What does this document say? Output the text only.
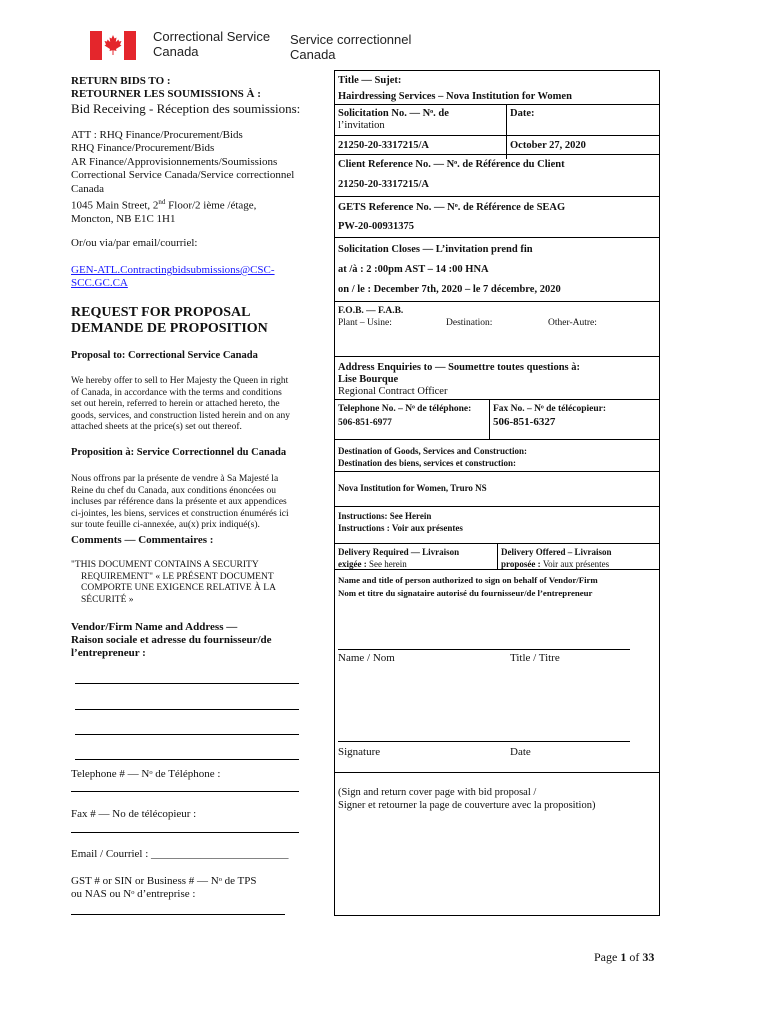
Correctional Service
Canada
Service correctionnel
Canada
RETURN BIDS TO :
RETOURNER LES SOUMISSIONS À :
Bid Receiving - Réception des soumissions:
ATT : RHQ Finance/Procurement/Bids
RHQ Finance/Procurement/Bids
AR Finance/Approvisionnements/Soumissions
Correctional Service Canada/Service correctionnel
Canada
1045 Main Street, 2nd Floor/2 ième /étage,
Moncton, NB E1C 1H1
Or/ou via/par email/courriel:
GEN-ATL.Contractingbidsubmissions@CSC-
SCC.GC.CA
REQUEST FOR PROPOSAL
DEMANDE DE PROPOSITION
Proposal to: Correctional Service Canada
We hereby offer to sell to Her Majesty the Queen in right
of Canada, in accordance with the terms and conditions
set out herein, referred to herein or attached hereto, the
goods, services, and construction listed herein and on any
attached sheets at the price(s) set out thereof.
Proposition à: Service Correctionnel du Canada
Nous offrons par la présente de vendre à Sa Majesté la
Reine du chef du Canada, aux conditions énoncées ou
incluses par référence dans la présente et aux appendices
ci-jointes, les biens, services et construction énumérés ici
sur toute feuille ci-annexée, au(x) prix indiqué(s).
Comments — Commentaires :
"THIS DOCUMENT CONTAINS A SECURITY
REQUIREMENT" « LE PRÉSENT DOCUMENT
COMPORTE UNE EXIGENCE RELATIVE À LA
SÉCURITÉ »
Vendor/Firm Name and Address —
Raison sociale et adresse du fournisseur/de
l’entrepreneur :
Telephone # — Nᵒ de Téléphone :
Fax # — No de télécopieur :
Email / Courriel : _________________________
GST # or SIN or Business # — Nᵒ de TPS
ou NAS ou Nᵒ d’entreprise :
Title — Sujet:
Hairdressing Services – Nova Institution for Women
Solicitation No. — Nᵒ. de
l’invitation
Date:
21250-20-3317215/A	October 27, 2020
Client Reference No. — Nᵒ. de Référence du Client
21250-20-3317215/A
GETS Reference No. — Nᵒ. de Référence de SEAG
PW-20-00931375
Solicitation Closes — L’invitation prend fin
at /à : 2 :00pm AST – 14 :00 HNA
on / le : December 7th, 2020 – le 7 décembre, 2020
F.O.B. — F.A.B.
Plant – Usine:	Destination:	Other-Autre:
Address Enquiries to — Soumettre toutes questions à:
Lise Bourque
Regional Contract Officer
Telephone No. – Nᵒ de téléphone:
506-851-6977
Fax No. – Nᵒ de télécopieur:
506-851-6327
Destination of Goods, Services and Construction:
Destination des biens, services et construction:
Nova Institution for Women, Truro NS
Instructions: See Herein
Instructions : Voir aux présentes
Delivery Required — Livraison
exigée : See herein
Delivery Offered – Livraison
proposée : Voir aux présentes
Name and title of person authorized to sign on behalf of Vendor/Firm
Nom et titre du signataire autorisé du fournisseur/de l’entrepreneur
Name / Nom	Title / Titre
Signature	Date
(Sign and return cover page with bid proposal /
Signer et retourner la page de couverture avec la proposition)
Page 1 of 33
